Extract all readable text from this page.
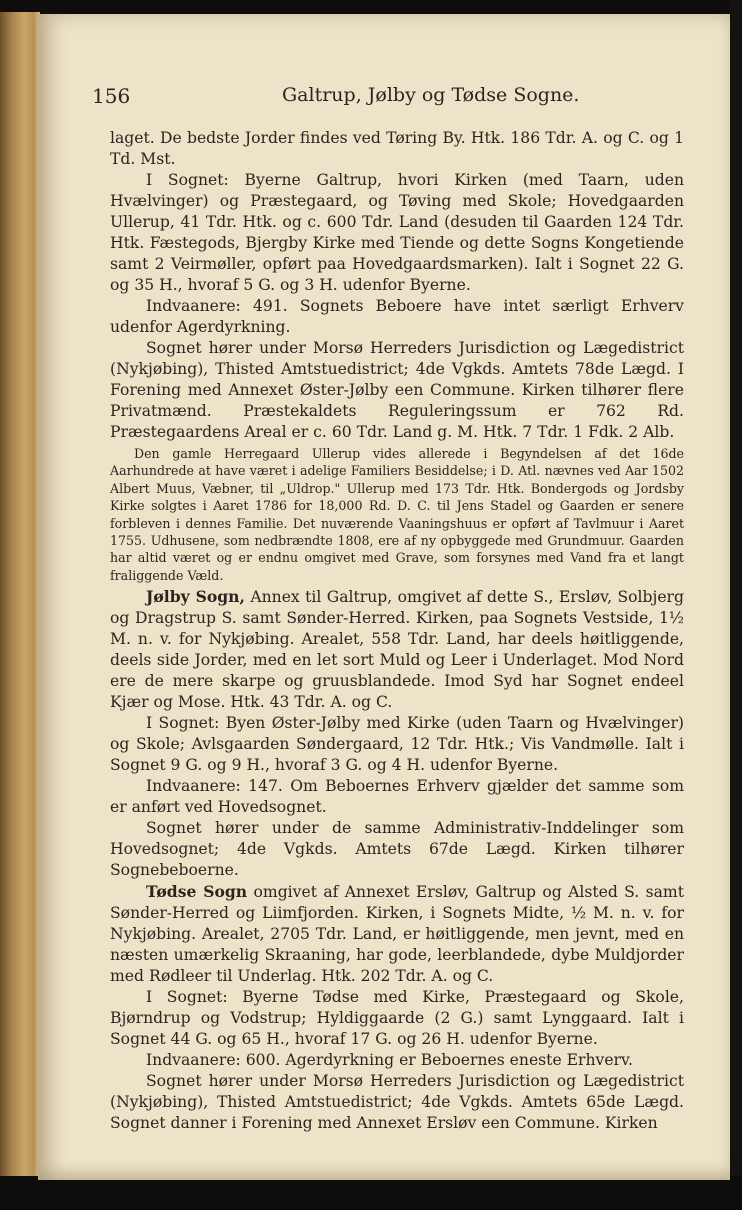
156	Galtrup, Jølby og Tødse Sogne.

laget. De bedste Jorder findes ved Tøring By. Htk. 186 Tdr. A. og C. og 1 Td. Mst.

I Sognet: Byerne Galtrup, hvori Kirken (med Taarn, uden Hvælvinger) og Præstegaard, og Tøving med Skole; Hovedgaarden Ullerup, 41 Tdr. Htk. og c. 600 Tdr. Land (desuden til Gaarden 124 Tdr. Htk. Fæstegods, Bjergby Kirke med Tiende og dette Sogns Kongetiende samt 2 Veirmøller, opført paa Hovedgaardsmarken). Ialt i Sognet 22 G. og 35 H., hvoraf 5 G. og 3 H. udenfor Byerne.

Indvaanere: 491. Sognets Beboere have intet særligt Erhverv udenfor Agerdyrkning.

Sognet hører under Morsø Herreders Jurisdiction og Lægedistrict (Nykjøbing), Thisted Amtstuedistrict; 4de Vgkds. Amtets 78de Lægd. I Forening med Annexet Øster-Jølby een Commune. Kirken tilhører flere Privatmænd. Præstekaldets Reguleringssum er 762 Rd. Præstegaardens Areal er c. 60 Tdr. Land g. M. Htk. 7 Tdr. 1 Fdk. 2 Alb.

Den gamle Herregaard Ullerup vides allerede i Begyndelsen af det 16de Aarhundrede at have været i adelige Familiers Besiddelse; i D. Atl. nævnes ved Aar 1502 Albert Muus, Væbner, til „Uldrop." Ullerup med 173 Tdr. Htk. Bondergods og Jordsby Kirke solgtes i Aaret 1786 for 18,000 Rd. D. C. til Jens Stadel og Gaarden er senere forbleven i dennes Familie. Det nuværende Vaaningshuus er opført af Tavlmuur i Aaret 1755. Udhusene, som nedbrændte 1808, ere af ny opbyggede med Grundmuur. Gaarden har altid været og er endnu omgivet med Grave, som forsynes med Vand fra et langt fraliggende Væld.

Jølby Sogn, Annex til Galtrup, omgivet af dette S., Ersløv, Solbjerg og Dragstrup S. samt Sønder-Herred. Kirken, paa Sognets Vestside, 1½ M. n. v. for Nykjøbing. Arealet, 558 Tdr. Land, har deels høitliggende, deels side Jorder, med en let sort Muld og Leer i Underlaget. Mod Nord ere de mere skarpe og gruusblandede. Imod Syd har Sognet endeel Kjær og Mose. Htk. 43 Tdr. A. og C.

I Sognet: Byen Øster-Jølby med Kirke (uden Taarn og Hvælvinger) og Skole; Avlsgaarden Søndergaard, 12 Tdr. Htk.; Vis Vandmølle. Ialt i Sognet 9 G. og 9 H., hvoraf 3 G. og 4 H. udenfor Byerne.

Indvaanere: 147. Om Beboernes Erhverv gjælder det samme som er anført ved Hovedsognet.

Sognet hører under de samme Administrativ-Inddelinger som Hovedsognet; 4de Vgkds. Amtets 67de Lægd. Kirken tilhører Sognebeboerne.

Tødse Sogn omgivet af Annexet Ersløv, Galtrup og Alsted S. samt Sønder-Herred og Liimfjorden. Kirken, i Sognets Midte, ½ M. n. v. for Nykjøbing. Arealet, 2705 Tdr. Land, er høitliggende, men jevnt, med en næsten umærkelig Skraaning, har gode, leerblandede, dybe Muldjorder med Rødleer til Underlag. Htk. 202 Tdr. A. og C.

I Sognet: Byerne Tødse med Kirke, Præstegaard og Skole, Bjørndrup og Vodstrup; Hyldiggaarde (2 G.) samt Lynggaard. Ialt i Sognet 44 G. og 65 H., hvoraf 17 G. og 26 H. udenfor Byerne.

Indvaanere: 600. Agerdyrkning er Beboernes eneste Erhverv.

Sognet hører under Morsø Herreders Jurisdiction og Lægedistrict (Nykjøbing), Thisted Amtstuedistrict; 4de Vgkds. Amtets 65de Lægd. Sognet danner i Forening med Annexet Ersløv een Commune. Kirken
